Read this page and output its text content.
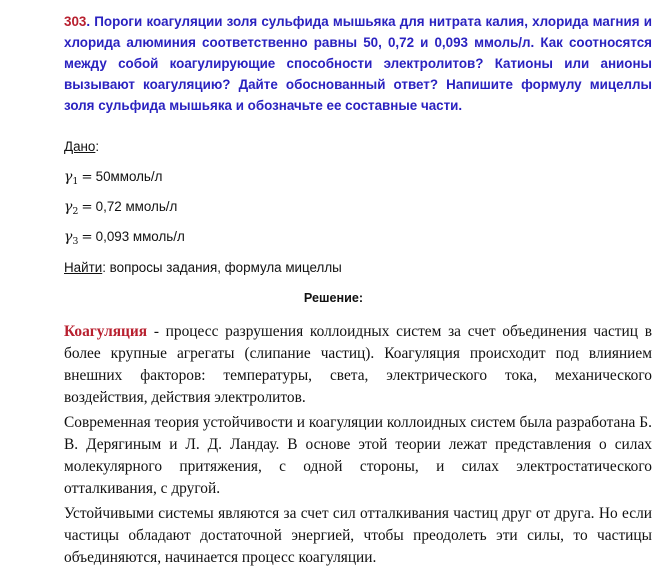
303. Пороги коагуляции золя сульфида мышьяка для нитрата калия, хлорида магния и хлорида алюминия соответственно равны 50, 0,72 и 0,093 ммоль/л. Как соотносятся между собой коагулирующие способности электролитов? Катионы или анионы вызывают коагуляцию? Дайте обоснованный ответ? Напишите формулу мицеллы золя сульфида мышьяка и обозначьте ее составные части.
Дано:
$\gamma_1$ = 50ммоль/л
$\gamma_2 = 0,72$ ммоль/л
$\gamma_3 = 0,093$ ммоль/л
Найти: вопросы задания, формула мицеллы
Решение:
Коагуляция - процесс разрушения коллоидных систем за счет объединения частиц в более крупные агрегаты (слипание частиц). Коагуляция происходит под влиянием внешних факторов: температуры, света, электрического тока, механического воздействия, действия электролитов.
Современная теория устойчивости и коагуляции коллоидных систем была разработана Б. В. Дерягиным и Л. Д. Ландау. В основе этой теории лежат представления о силах молекулярного притяжения, с одной стороны, и силах электростатического отталкивания, с другой.
Устойчивыми системы являются за счет сил отталкивания частиц друг от друга. Но если частицы обладают достаточной энергией, чтобы преодолеть эти силы, то частицы объединяются, начинается процесс коагуляции.
